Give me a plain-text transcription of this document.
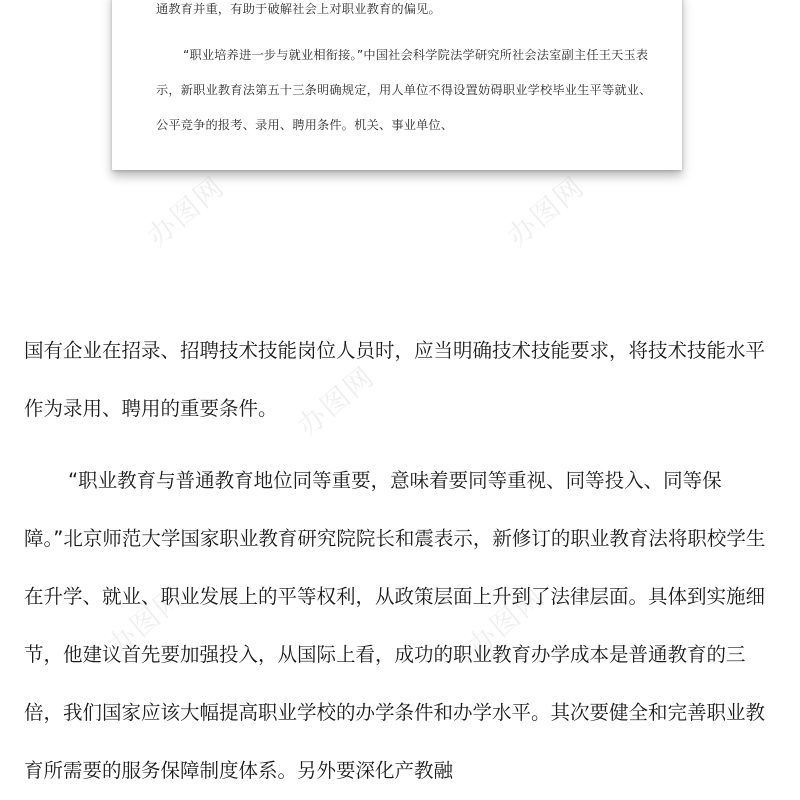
通教育并重，有助于破解社会上对职业教育的偏见。

“职业培养进一步与就业相衔接。”中国社会科学院法学研究所社会法室副主任王天玉表示，新职业教育法第五十三条明确规定，用人单位不得设置妨碍职业学校毕业生平等就业、公平竞争的报考、录用、聘用条件。机关、事业单位、

办图网	办图网
办图网
办图网	办图网

国有企业在招录、招聘技术技能岗位人员时，应当明确技术技能要求，将技术技能水平作为录用、聘用的重要条件。

“职业教育与普通教育地位同等重要，意味着要同等重视、同等投入、同等保障。”北京师范大学国家职业教育研究院院长和震表示，新修订的职业教育法将职校学生在升学、就业、职业发展上的平等权利，从政策层面上升到了法律层面。具体到实施细节，他建议首先要加强投入，从国际上看，成功的职业教育办学成本是普通教育的三倍，我们国家应该大幅提高职业学校的办学条件和办学水平。其次要健全和完善职业教育所需要的服务保障制度体系。另外要深化产教融
